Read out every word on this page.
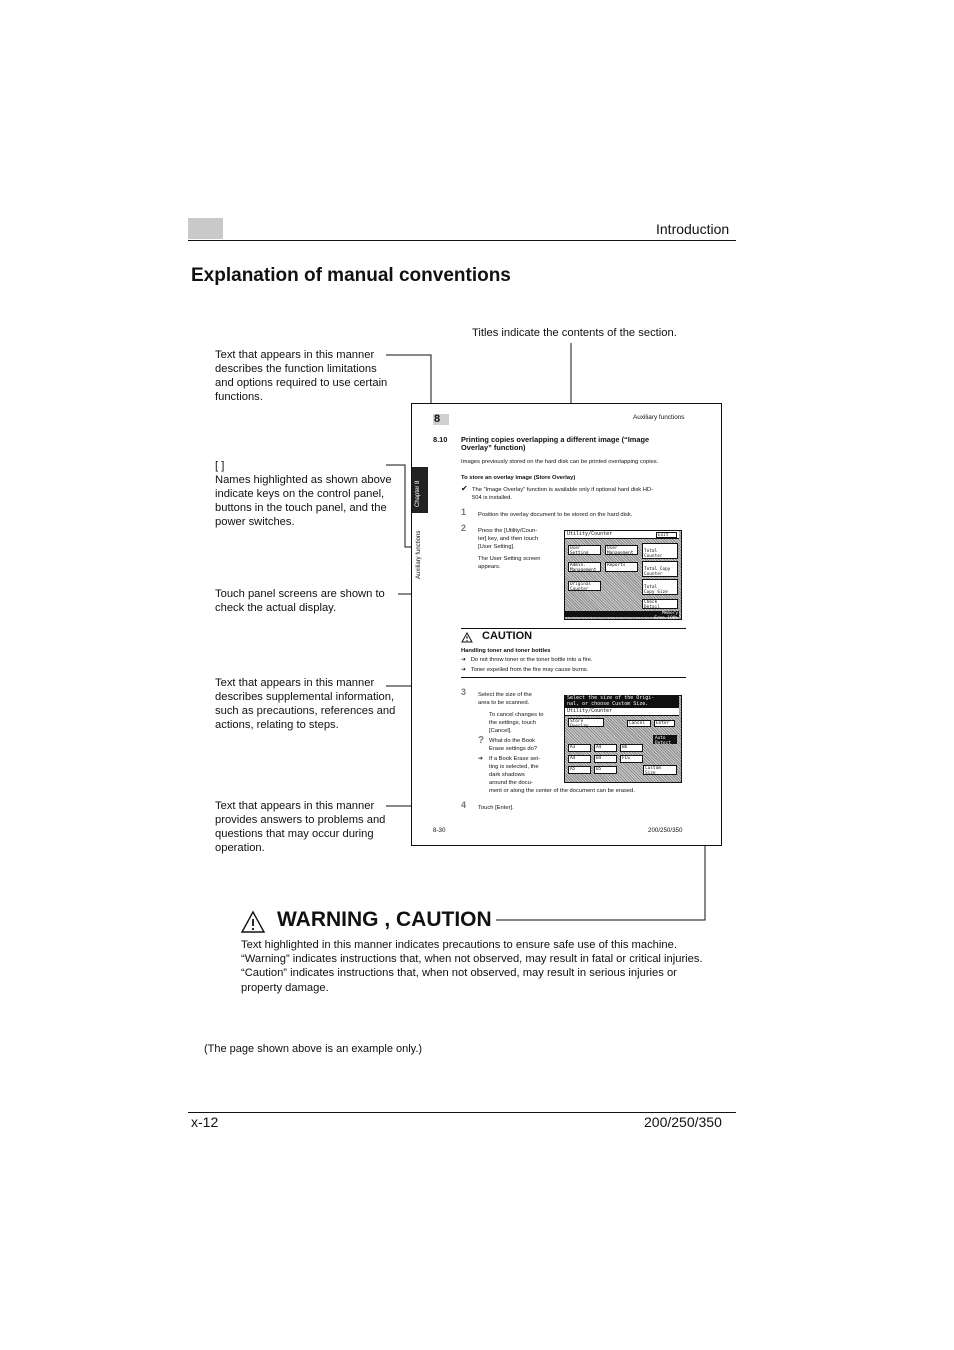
Introduction
Explanation of manual conventions
Titles indicate the contents of the section.
Text that appears in this manner
describes the function limitations
and options required to use certain
functions.
[ ]
Names highlighted as shown above
indicate keys on the control panel,
buttons in the touch panel, and the
power switches.
Touch panel screens are shown to
check the actual display.
Text that appears in this manner
describes supplemental information,
such as precautions, references and
actions, relating to steps.
Text that appears in this manner
provides answers to problems and
questions that may occur during
operation.
8	Auxiliary functions
Chapter 8
Auxiliary functions
8.10 Printing copies overlapping a different image (“Image
Overlay” function)
Images previously stored on the hard disk can be printed overlapping copies.
To store an overlay image (Store Overlay)
✔ The “Image Overlay” function is available only if optional hard disk HD-
504 is installed.
1 Position the overlay document to be stored on the hard disk.
2 Press the [Utility/Coun-
ter] key, and then touch
[User Setting].
The User Setting screen
appears.
Utility/Counter	Exit
User
Setting
User
Management
Admin.
Management
Reports
Original
Counter

Total
Counter

Total Copy
Counter

Total
Copy Size

Check
Detail
Memory
Free 100%
CAUTION
Handling toner and toner bottles
➔ Do not throw toner or the toner bottle into a fire.
➔ Toner expelled from the fire may cause burns.
3 Select the size of the
area to be scanned.
To cancel changes to
the settings, touch
[Cancel].
? What do the Book
Erase settings do?
➔ If a Book Erase set-
ting is selected, the
dark shadows
around the docu-
ment or along the center of the document can be erased.
Select the size of the Origi-
nal, or choose Custom Size.
Utility/Counter
Store
Overlay
Cancel	Enter
Auto
Detect
A3	A4	B6
A4	B4	FLS
A5	B5	Custom
Size
4 Touch [Enter].
8-30	200/250/350
WARNING , CAUTION
Text highlighted in this manner indicates precautions to ensure safe use of this machine.
“Warning” indicates instructions that, when not observed, may result in fatal or critical injuries.
“Caution” indicates instructions that, when not observed, may result in serious injuries or
property damage.
(The page shown above is an example only.)
x-12	200/250/350
